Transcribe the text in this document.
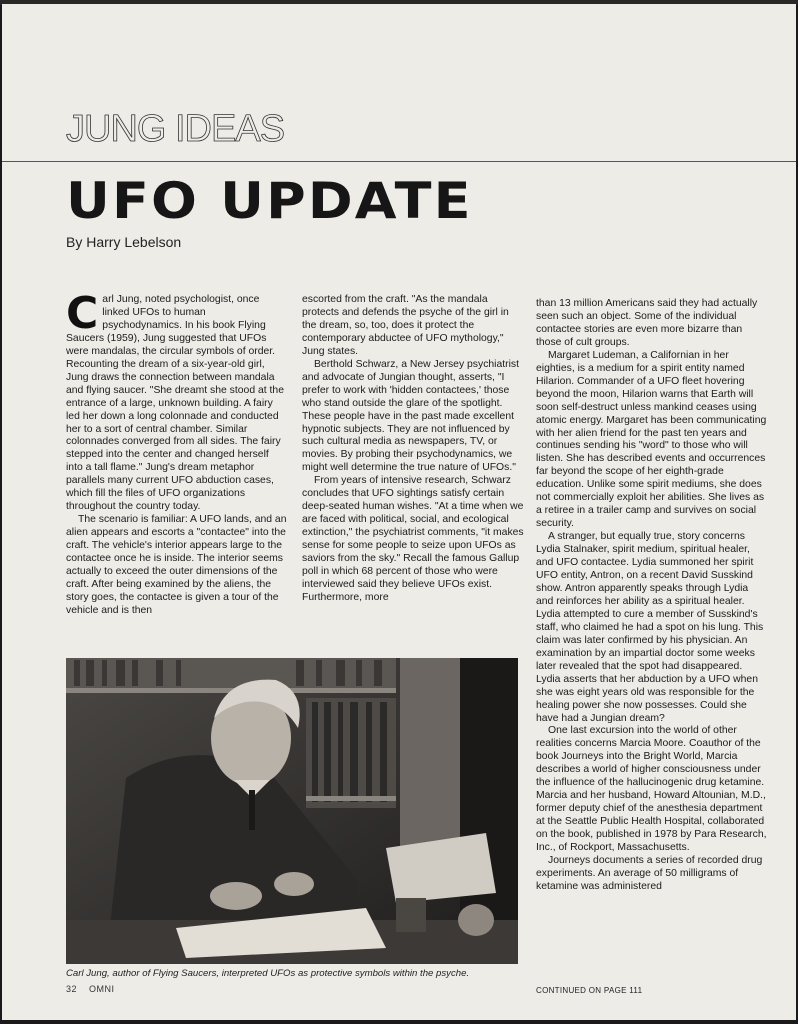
JUNG IDEAS
UFO UPDATE
By Harry Lebelson

Carl Jung, noted psychologist, once linked UFOs to human psychodynamics. In his book Flying Saucers (1959), Jung suggested that UFOs were mandalas, the circular symbols of order. Recounting the dream of a six-year-old girl, Jung draws the connection between mandala and flying saucer. "She dreamt she stood at the entrance of a large, unknown building. A fairy led her down a long colonnade and conducted her to a sort of central chamber. Similar colonnades converged from all sides. The fairy stepped into the center and changed herself into a tall flame." Jung's dream metaphor parallels many current UFO abduction cases, which fill the files of UFO organizations throughout the country today.

The scenario is familiar: A UFO lands, and an alien appears and escorts a "contactee" into the craft. The vehicle's interior appears large to the contactee once he is inside. The interior seems actually to exceed the outer dimensions of the craft. After being examined by the aliens, the story goes, the contactee is given a tour of the vehicle and is then

escorted from the craft. "As the mandala protects and defends the psyche of the girl in the dream, so, too, does it protect the contemporary abductee of UFO mythology," Jung states.

Berthold Schwarz, a New Jersey psychiatrist and advocate of Jungian thought, asserts, "I prefer to work with 'hidden contactees,' those who stand outside the glare of the spotlight. These people have in the past made excellent hypnotic subjects. They are not influenced by such cultural media as newspapers, TV, or movies. By probing their psychodynamics, we might well determine the true nature of UFOs."

From years of intensive research, Schwarz concludes that UFO sightings satisfy certain deep-seated human wishes. "At a time when we are faced with political, social, and ecological extinction," the psychiatrist comments, "it makes sense for some people to seize upon UFOs as saviors from the sky." Recall the famous Gallup poll in which 68 percent of those who were interviewed said they believe UFOs exist. Furthermore, more

than 13 million Americans said they had actually seen such an object. Some of the individual contactee stories are even more bizarre than those of cult groups.

Margaret Ludeman, a Californian in her eighties, is a medium for a spirit entity named Hilarion. Commander of a UFO fleet hovering beyond the moon, Hilarion warns that Earth will soon self-destruct unless mankind ceases using atomic energy. Margaret has been communicating with her alien friend for the past ten years and continues sending his "word" to those who will listen. She has described events and occurrences far beyond the scope of her eighth-grade education. Unlike some spirit mediums, she does not commercially exploit her abilities. She lives as a retiree in a trailer camp and survives on social security.

A stranger, but equally true, story concerns Lydia Stalnaker, spirit medium, spiritual healer, and UFO contactee. Lydia summoned her spirit UFO entity, Antron, on a recent David Susskind show. Antron apparently speaks through Lydia and reinforces her ability as a spiritual healer. Lydia attempted to cure a member of Susskind's staff, who claimed he had a spot on his lung. This claim was later confirmed by his physician. An examination by an impartial doctor some weeks later revealed that the spot had disappeared. Lydia asserts that her abduction by a UFO when she was eight years old was responsible for the healing power she now possesses. Could she have had a Jungian dream?

One last excursion into the world of other realities concerns Marcia Moore. Coauthor of the book Journeys into the Bright World, Marcia describes a world of higher consciousness under the influence of the hallucinogenic drug ketamine. Marcia and her husband, Howard Altounian, M.D., former deputy chief of the anesthesia department at the Seattle Public Health Hospital, collaborated on the book, published in 1978 by Para Research, Inc., of Rockport, Massachusetts.

Journeys documents a series of recorded drug experiments. An average of 50 milligrams of ketamine was administered

Carl Jung, author of Flying Saucers, interpreted UFOs as protective symbols within the psyche.
32 OMNI	CONTINUED ON PAGE 111
